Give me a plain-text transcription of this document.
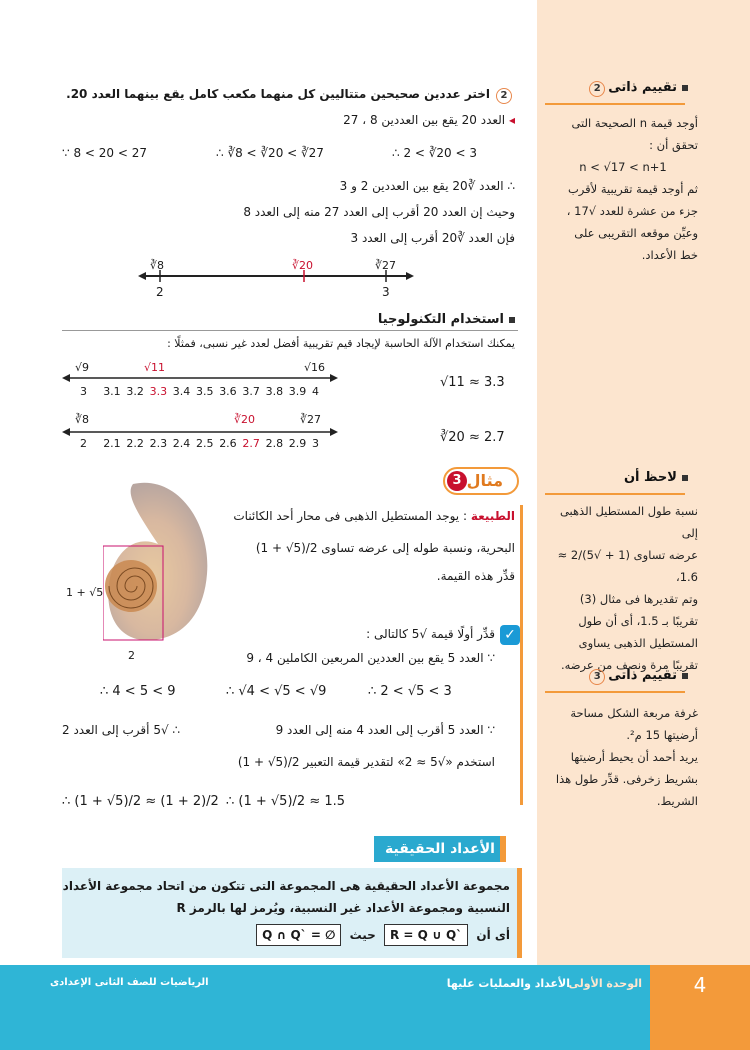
تقييم ذاتى2
أوجد قيمة n الصحيحة التى
تحقق أن :
n < √17 < n+1
ثم أوجد قيمة تقريبية لأقرب
جزء من عشرة للعدد √17 ،
وعيِّن موقعه التقريبى على
خط الأعداد.
لاحظ أن
نسبة طول المستطيل الذهبى إلى
عرضه تساوى (1 + √5)/2 ≈ 1.6،
وتم تقديرها فى مثال (3)
تقريبًا بـ 1.5، أى أن طول
المستطيل الذهبى يساوى
تقريبًا مرة ونصف من عرضه.
تقييم ذاتى3
غرفة مربعة الشكل مساحة
أرضيتها 15 م².
يريد أحمد أن يحيط أرضيتها
بشريط زخرفى. قدِّر طول هذا
الشريط.
2اختر عددين صحيحين متتاليين كل منهما مكعب كامل يقع بينهما العدد 20.
◂ العدد 20 يقع بين العددين 8 ، 27
∵ 8 < 20 < 27	∴ ∛8 < ∛20 < ∛27	∴ 2 < ∛20 < 3
∴ العدد ∛20 يقع بين العددين 2 و 3
وحيث إن العدد 20 أقرب إلى العدد 27 منه إلى العدد 8
فإن العدد ∛20 أقرب إلى العدد 3
∛8	∛20	∛27
2	3
استخدام التكنولوجيا
يمكنك استخدام الآلة الحاسبة لإيجاد قيم تقريبية أفضل لعدد غير نسبى، فمثلًا :
√9	√11	√16
3 3.1 3.2 3.3 3.4 3.5 3.6 3.7 3.8 3.9 4
√11 ≈ 3.3
∛8	∛20	∛27
2 2.1 2.2 2.3 2.4 2.5 2.6 2.7 2.8 2.9 3	∛20 ≈ 2.7
مثال
3
1 + √5
2
الطبيعة : يوجد المستطيل الذهبى فى محار أحد الكائنات
البحرية، ونسبة طوله إلى عرضه تساوى (1 + √5)/2
قدِّر هذه القيمة.
✓
قدِّر أولًا قيمة √5 كالتالى :
∵ العدد 5 يقع بين العددين المربعين الكاملين 4 ، 9
∴ 4 < 5 < 9	∴ √4 < √5 < √9	∴ 2 < √5 < 3
∵ العدد 5 أقرب إلى العدد 4 منه إلى العدد 9
∴ √5 أقرب إلى العدد 2
استخدم «√5 ≈ 2» لتقدير قيمة التعبير (1 + √5)/2
∴ (1 + √5)/2 ≈ (1 + 2)/2 ∴ (1 + √5)/2 ≈ 1.5
الأعداد الحقيقية
مجموعة الأعداد الحقيقية هى المجموعة التى تتكون من اتحاد مجموعة الأعداد
النسبية ومجموعة الأعداد غير النسبية، ويُرمز لها بالرمز R
أى أن R = Q ∪ Q` حيث Q ∩ Q` = ∅
4
الوحدة الأولى
الأعداد والعمليات عليها
الرياضيات للصف الثانى الإعدادى
